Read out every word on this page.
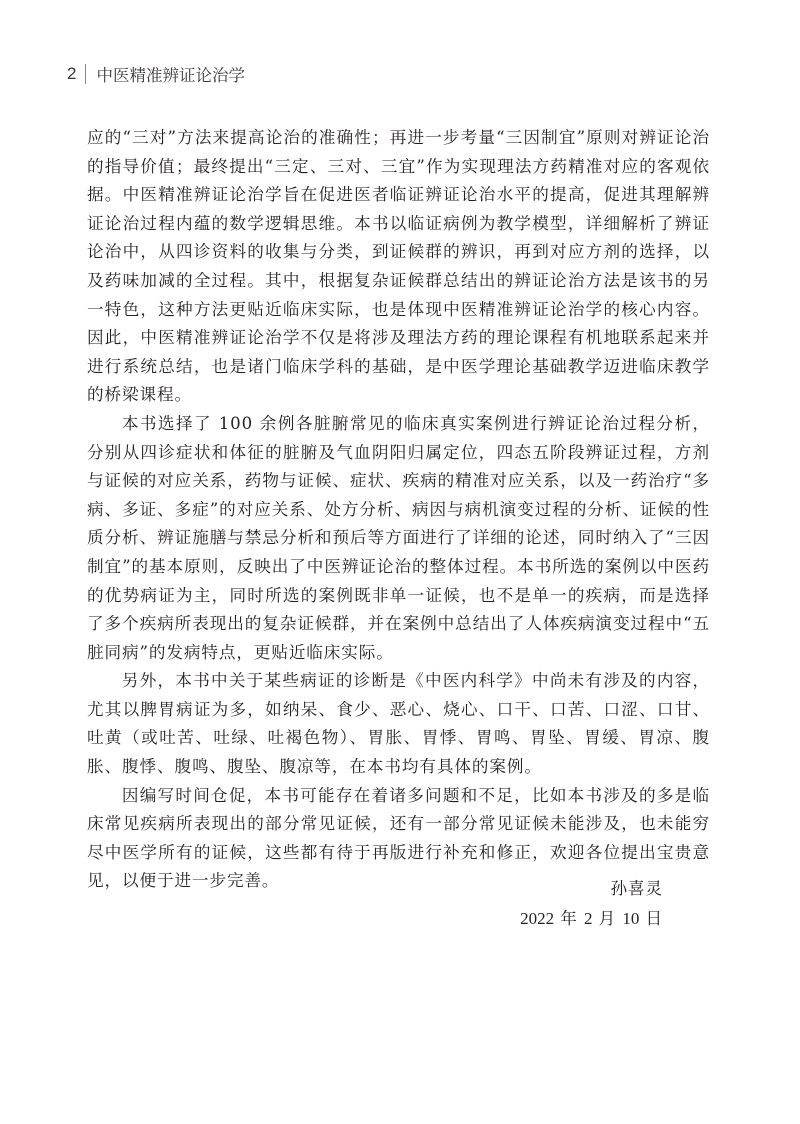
2 中医精准辨证论治学

应的“三对”方法来提高论治的准确性；再进一步考量“三因制宜”原则对辨证论治的指导价值；最终提出“三定、三对、三宜”作为实现理法方药精准对应的客观依据。中医精准辨证论治学旨在促进医者临证辨证论治水平的提高，促进其理解辨证论治过程内蕴的数学逻辑思维。本书以临证病例为教学模型，详细解析了辨证论治中，从四诊资料的收集与分类，到证候群的辨识，再到对应方剂的选择，以及药味加减的全过程。其中，根据复杂证候群总结出的辨证论治方法是该书的另一特色，这种方法更贴近临床实际，也是体现中医精准辨证论治学的核心内容。因此，中医精准辨证论治学不仅是将涉及理法方药的理论课程有机地联系起来并进行系统总结，也是诸门临床学科的基础，是中医学理论基础教学迈进临床教学的桥梁课程。

本书选择了 100 余例各脏腑常见的临床真实案例进行辨证论治过程分析，分别从四诊症状和体征的脏腑及气血阴阳归属定位，四态五阶段辨证过程，方剂与证候的对应关系，药物与证候、症状、疾病的精准对应关系，以及一药治疗“多病、多证、多症”的对应关系、处方分析、病因与病机演变过程的分析、证候的性质分析、辨证施膳与禁忌分析和预后等方面进行了详细的论述，同时纳入了“三因制宜”的基本原则，反映出了中医辨证论治的整体过程。本书所选的案例以中医药的优势病证为主，同时所选的案例既非单一证候，也不是单一的疾病，而是选择了多个疾病所表现出的复杂证候群，并在案例中总结出了人体疾病演变过程中“五脏同病”的发病特点，更贴近临床实际。

另外，本书中关于某些病证的诊断是《中医内科学》中尚未有涉及的内容，尤其以脾胃病证为多，如纳呆、食少、恶心、烧心、口干、口苦、口涩、口甘、吐黄（或吐苦、吐绿、吐褐色物）、胃胀、胃悸、胃鸣、胃坠、胃缓、胃凉、腹胀、腹悸、腹鸣、腹坠、腹凉等，在本书均有具体的案例。

因编写时间仓促，本书可能存在着诸多问题和不足，比如本书涉及的多是临床常见疾病所表现出的部分常见证候，还有一部分常见证候未能涉及，也未能穷尽中医学所有的证候，这些都有待于再版进行补充和修正，欢迎各位提出宝贵意见，以便于进一步完善。	孙喜灵
2022 年 2 月 10 日
